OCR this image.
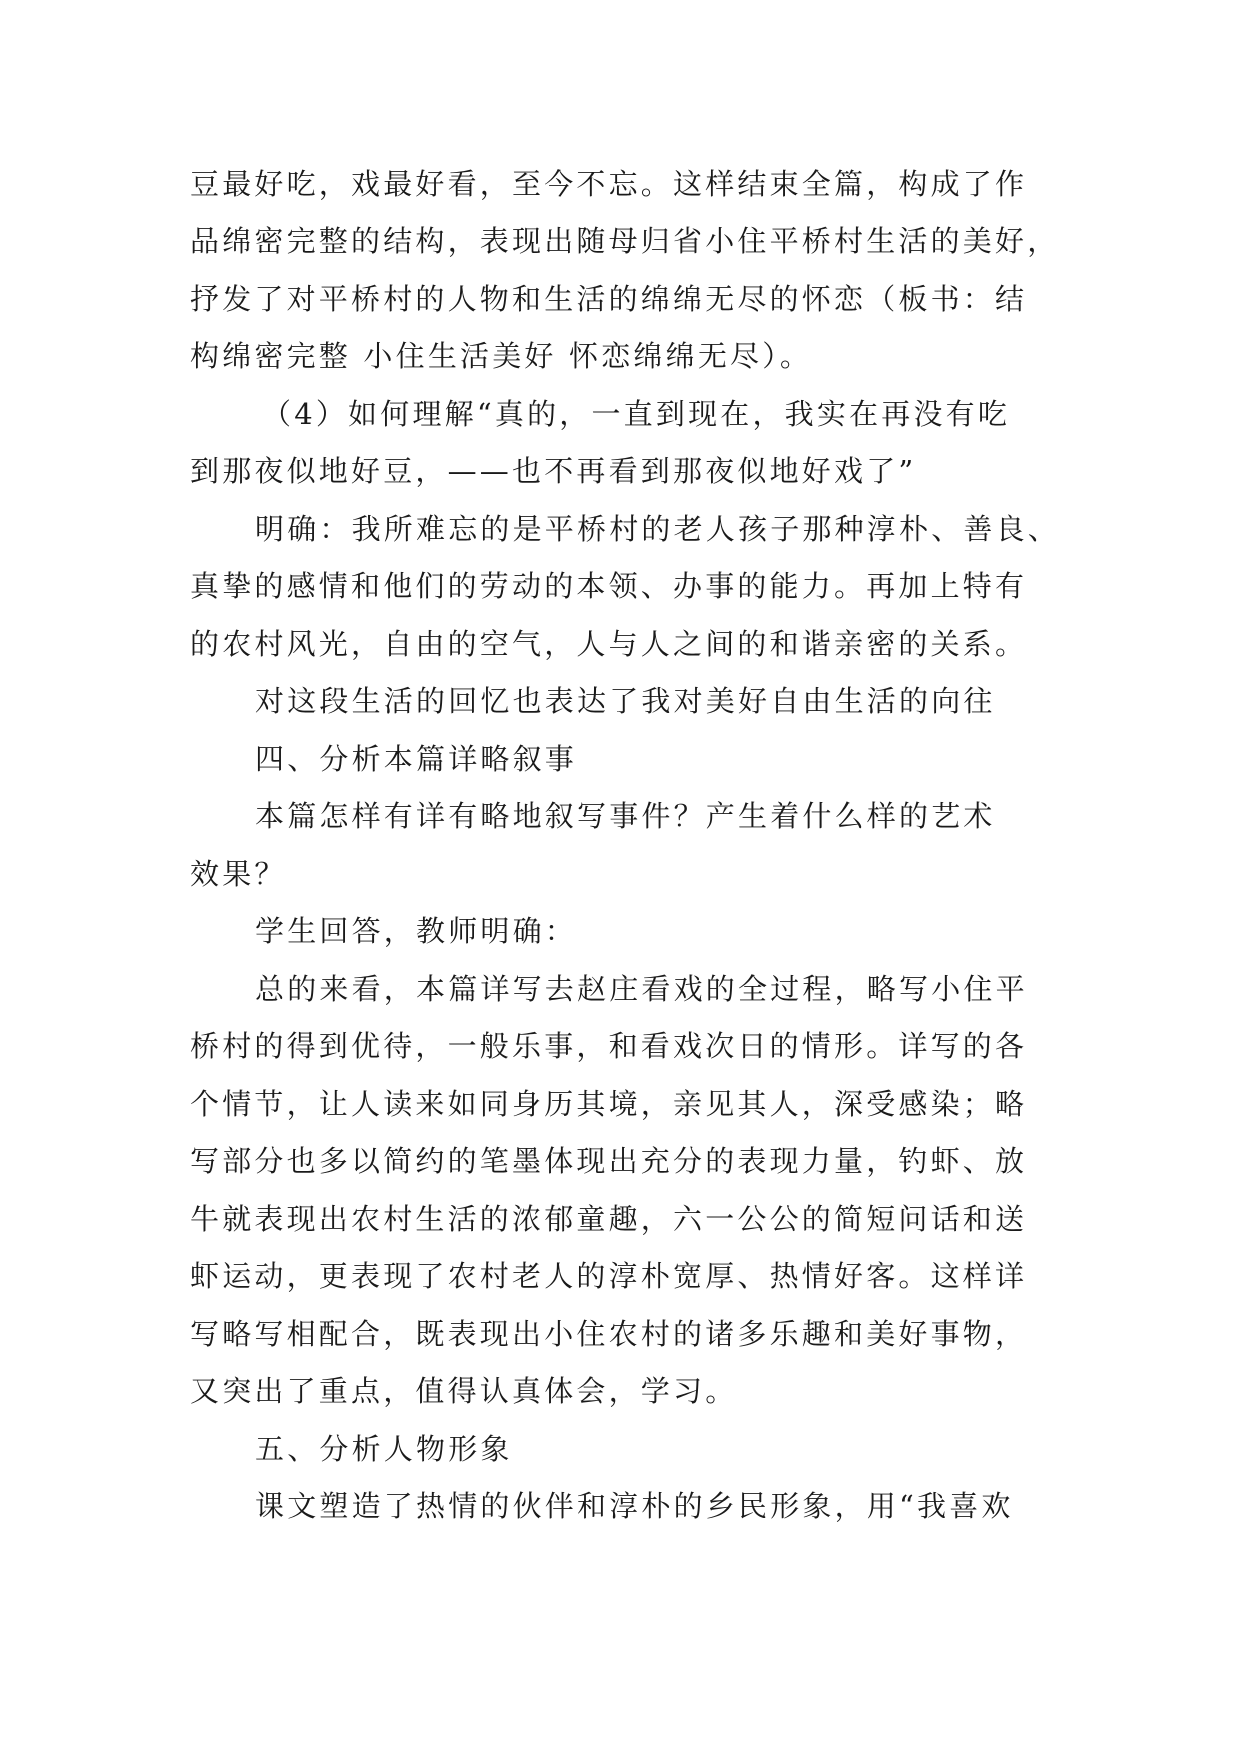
豆最好吃，戏最好看，至今不忘。这样结束全篇，构成了作
品绵密完整的结构，表现出随母归省小住平桥村生活的美好，
抒发了对平桥村的人物和生活的绵绵无尽的怀恋（板书：结
构绵密完整 小住生活美好 怀恋绵绵无尽）。
（4）如何理解“真的，一直到现在，我实在再没有吃
到那夜似地好豆，——也不再看到那夜似地好戏了”
明确：我所难忘的是平桥村的老人孩子那种淳朴、善良、
真挚的感情和他们的劳动的本领、办事的能力。再加上特有
的农村风光，自由的空气，人与人之间的和谐亲密的关系。
对这段生活的回忆也表达了我对美好自由生活的向往
四、分析本篇详略叙事
本篇怎样有详有略地叙写事件？产生着什么样的艺术
效果？
学生回答，教师明确：
总的来看，本篇详写去赵庄看戏的全过程，略写小住平
桥村的得到优待，一般乐事，和看戏次日的情形。详写的各
个情节，让人读来如同身历其境，亲见其人，深受感染；略
写部分也多以简约的笔墨体现出充分的表现力量，钓虾、放
牛就表现出农村生活的浓郁童趣，六一公公的简短问话和送
虾运动，更表现了农村老人的淳朴宽厚、热情好客。这样详
写略写相配合，既表现出小住农村的诸多乐趣和美好事物，
又突出了重点，值得认真体会，学习。
五、分析人物形象
课文塑造了热情的伙伴和淳朴的乡民形象，用“我喜欢
